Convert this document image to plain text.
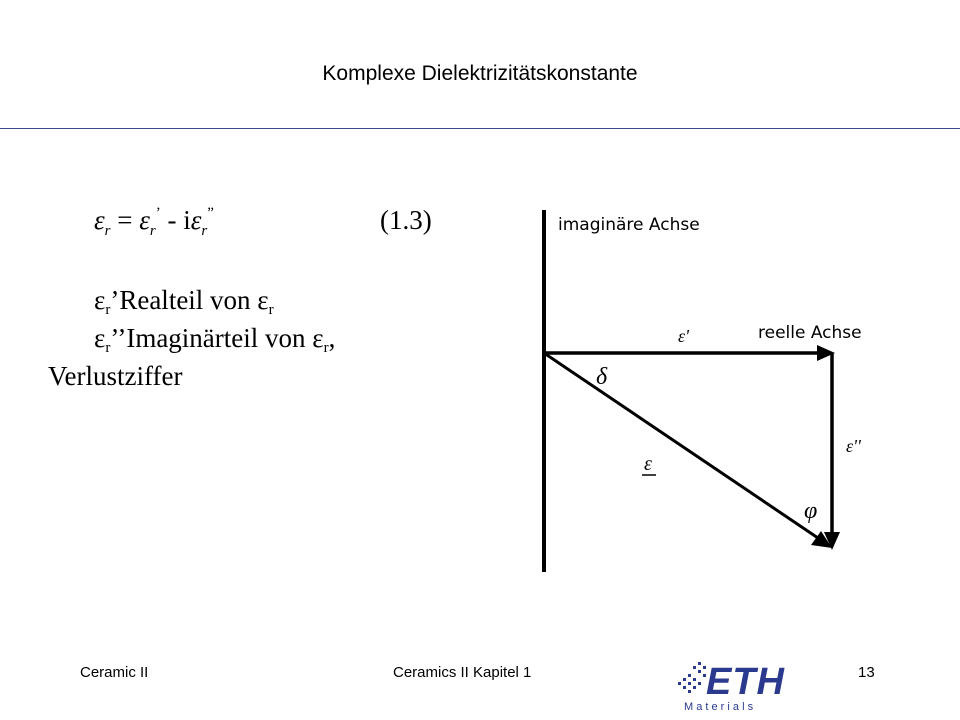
Komplexe Dielektrizitätskonstante
$\varepsilon_r = \varepsilon_r^’ - i\varepsilon_r^”$	(1.3)
$\varepsilon_r’Realteil$ von $\varepsilon_r$
$\varepsilon_r’’Imaginärteil$ von $\varepsilon_r$,
Verlustziffer
imaginäre Achse
reelle Achse
ε'
ε''
ε
δ
φ
Ceramic II	Ceramics II Kapitel 1	13
ETH
M a t e r i a l s
